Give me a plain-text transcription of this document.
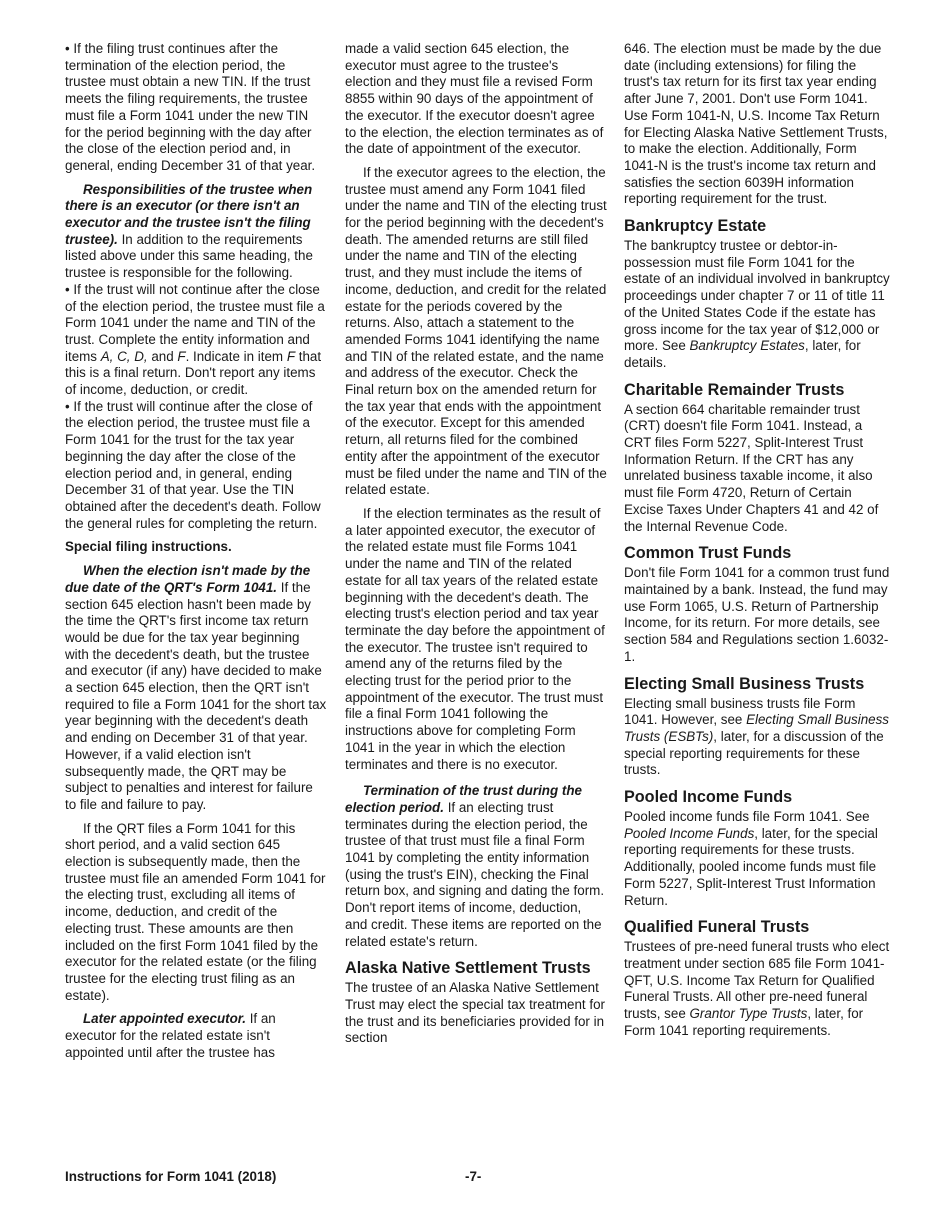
• If the filing trust continues after the termination of the election period, the trustee must obtain a new TIN. If the trust meets the filing requirements, the trustee must file a Form 1041 under the new TIN for the period beginning with the day after the close of the election period and, in general, ending December 31 of that year.

Responsibilities of the trustee when there is an executor (or there isn't an executor and the trustee isn't the filing trustee). In addition to the requirements listed above under this same heading, the trustee is responsible for the following.

• If the trust will not continue after the close of the election period, the trustee must file a Form 1041 under the name and TIN of the trust. Complete the entity information and items A, C, D, and F. Indicate in item F that this is a final return. Don't report any items of income, deduction, or credit.

• If the trust will continue after the close of the election period, the trustee must file a Form 1041 for the trust for the tax year beginning the day after the close of the election period and, in general, ending December 31 of that year. Use the TIN obtained after the decedent's death. Follow the general rules for completing the return.

Special filing instructions.

When the election isn't made by the due date of the QRT's Form 1041. If the section 645 election hasn't been made by the time the QRT's first income tax return would be due for the tax year beginning with the decedent's death, but the trustee and executor (if any) have decided to make a section 645 election, then the QRT isn't required to file a Form 1041 for the short tax year beginning with the decedent's death and ending on December 31 of that year. However, if a valid election isn't subsequently made, the QRT may be subject to penalties and interest for failure to file and failure to pay.

If the QRT files a Form 1041 for this short period, and a valid section 645 election is subsequently made, then the trustee must file an amended Form 1041 for the electing trust, excluding all items of income, deduction, and credit of the electing trust. These amounts are then included on the first Form 1041 filed by the executor for the related estate (or the filing trustee for the electing trust filing as an estate).

Later appointed executor. If an executor for the related estate isn't appointed until after the trustee has

made a valid section 645 election, the executor must agree to the trustee's election and they must file a revised Form 8855 within 90 days of the appointment of the executor. If the executor doesn't agree to the election, the election terminates as of the date of appointment of the executor.

If the executor agrees to the election, the trustee must amend any Form 1041 filed under the name and TIN of the electing trust for the period beginning with the decedent's death. The amended returns are still filed under the name and TIN of the electing trust, and they must include the items of income, deduction, and credit for the related estate for the periods covered by the returns. Also, attach a statement to the amended Forms 1041 identifying the name and TIN of the related estate, and the name and address of the executor. Check the Final return box on the amended return for the tax year that ends with the appointment of the executor. Except for this amended return, all returns filed for the combined entity after the appointment of the executor must be filed under the name and TIN of the related estate.

If the election terminates as the result of a later appointed executor, the executor of the related estate must file Forms 1041 under the name and TIN of the related estate for all tax years of the related estate beginning with the decedent's death. The electing trust's election period and tax year terminate the day before the appointment of the executor. The trustee isn't required to amend any of the returns filed by the electing trust for the period prior to the appointment of the executor. The trust must file a final Form 1041 following the instructions above for completing Form 1041 in the year in which the election terminates and there is no executor.

Termination of the trust during the election period. If an electing trust terminates during the election period, the trustee of that trust must file a final Form 1041 by completing the entity information (using the trust's EIN), checking the Final return box, and signing and dating the form. Don't report items of income, deduction, and credit. These items are reported on the related estate's return.

Alaska Native Settlement Trusts

The trustee of an Alaska Native Settlement Trust may elect the special tax treatment for the trust and its beneficiaries provided for in section

646. The election must be made by the due date (including extensions) for filing the trust's tax return for its first tax year ending after June 7, 2001. Don't use Form 1041. Use Form 1041-N, U.S. Income Tax Return for Electing Alaska Native Settlement Trusts, to make the election. Additionally, Form 1041-N is the trust's income tax return and satisfies the section 6039H information reporting requirement for the trust.

Bankruptcy Estate

The bankruptcy trustee or debtor-in-possession must file Form 1041 for the estate of an individual involved in bankruptcy proceedings under chapter 7 or 11 of title 11 of the United States Code if the estate has gross income for the tax year of $12,000 or more. See Bankruptcy Estates, later, for details.

Charitable Remainder Trusts

A section 664 charitable remainder trust (CRT) doesn't file Form 1041. Instead, a CRT files Form 5227, Split-Interest Trust Information Return. If the CRT has any unrelated business taxable income, it also must file Form 4720, Return of Certain Excise Taxes Under Chapters 41 and 42 of the Internal Revenue Code.

Common Trust Funds

Don't file Form 1041 for a common trust fund maintained by a bank. Instead, the fund may use Form 1065, U.S. Return of Partnership Income, for its return. For more details, see section 584 and Regulations section 1.6032-1.

Electing Small Business Trusts

Electing small business trusts file Form 1041. However, see Electing Small Business Trusts (ESBTs), later, for a discussion of the special reporting requirements for these trusts.

Pooled Income Funds

Pooled income funds file Form 1041. See Pooled Income Funds, later, for the special reporting requirements for these trusts. Additionally, pooled income funds must file Form 5227, Split-Interest Trust Information Return.

Qualified Funeral Trusts

Trustees of pre-need funeral trusts who elect treatment under section 685 file Form 1041-QFT, U.S. Income Tax Return for Qualified Funeral Trusts. All other pre-need funeral trusts, see Grantor Type Trusts, later, for Form 1041 reporting requirements.

Instructions for Form 1041 (2018)	-7-
